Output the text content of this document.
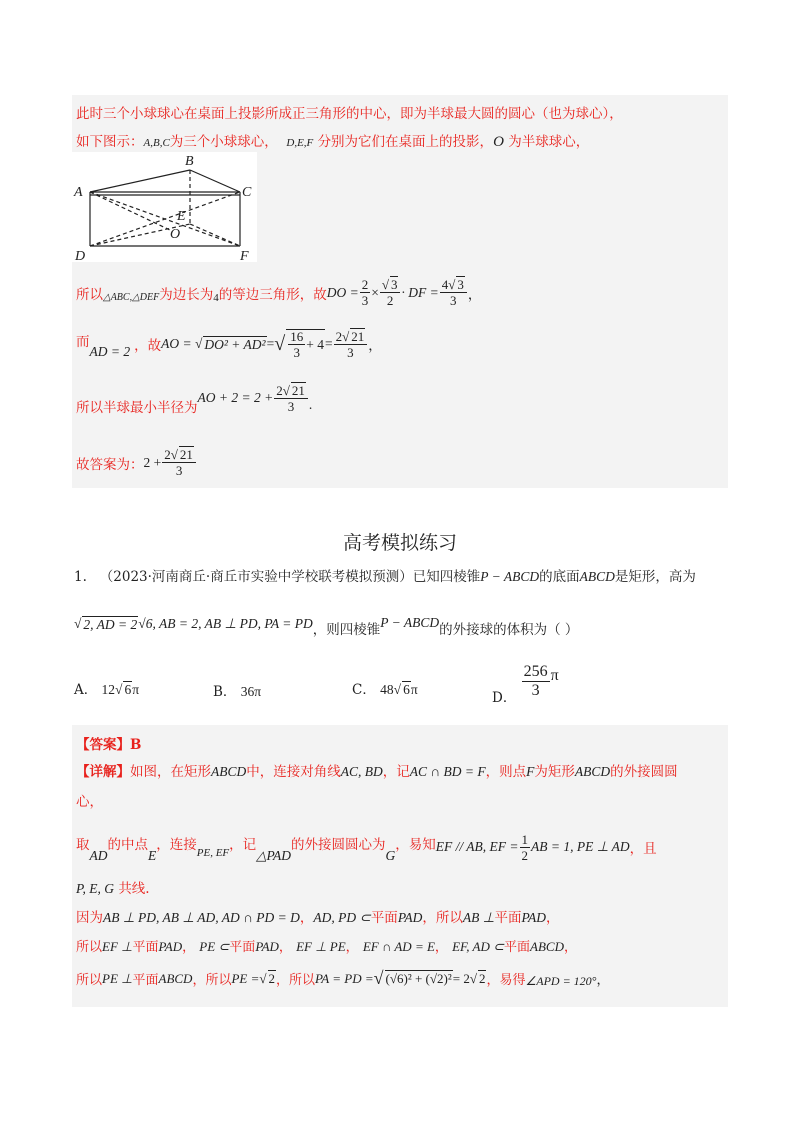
此时三个小球球心在桌面上投影所成正三角形的中心，即为半球最大圆的圆心（也为球心），
如下图示：A,B,C为三个小球球心， D,E,F 分别为它们在桌面上的投影，O 为半球球心，
A
B
C
D
E
F
O
所以 △ABC,△DEF 为边长为 4 的等边三角形，故 DO = $\frac{2}{3} \times \frac{√ 3}{2}$ · DF = $\frac{4√ 3}{3}$ ，
而
AD = 2 ，故 AO = √ DO² + AD² = √ $\frac{16}{3} + 4 = \frac{2√ 21}{3}$ ，
所以半球最小半径为
AO + $2 = 2 + \frac{2√ 21}{3}$ .
故答案为： $2 + \frac{2√ 21}{3}$
高考模拟练习
1. （2023·河南商丘·商丘市实验中学校联考模拟预测）已知四棱锥P − ABCD的底面ABCD是矩形，高为
√ 2, AD = 2 √ 6, AB = 2, AB ⊥ PD, PA = PD ，则四棱锥 P − ABCD 的外接球的体积为（ ）
A． 12√ 6π	B． 36π	C． 48√ 6π
D．
$\frac{256}{3}$ π
【答案】B
【详解】如图，在矩形ABCD中，连接对角线AC, BD，记AC ∩ BD = F，则点F为矩形ABCD的外接圆圆
心，
取
AD
的中点
E
，连接 PE, EF ，记
△PAD
的外接圆圆心为
G
，易知 EF // AB, EF = $\frac{1}{2}$ AB = 1, PE ⊥ AD ，且
P, E, G 共线.
因为AB ⊥ PD, AB ⊥ AD, AD ∩ PD = D，AD, PD ⊂平面PAD，所以AB ⊥平面PAD，
所以EF ⊥平面PAD， PE ⊂平面PAD， EF ⊥ PE， EF ∩ AD = E， EF, AD ⊂平面ABCD，
所以 PE ⊥ 平面 ABCD ，所以 PE = √ 2 ，所以 PA = PD = √ (√6)² + (√2)² = 2 √ 2 ，易得 ∠APD = 120° ，
